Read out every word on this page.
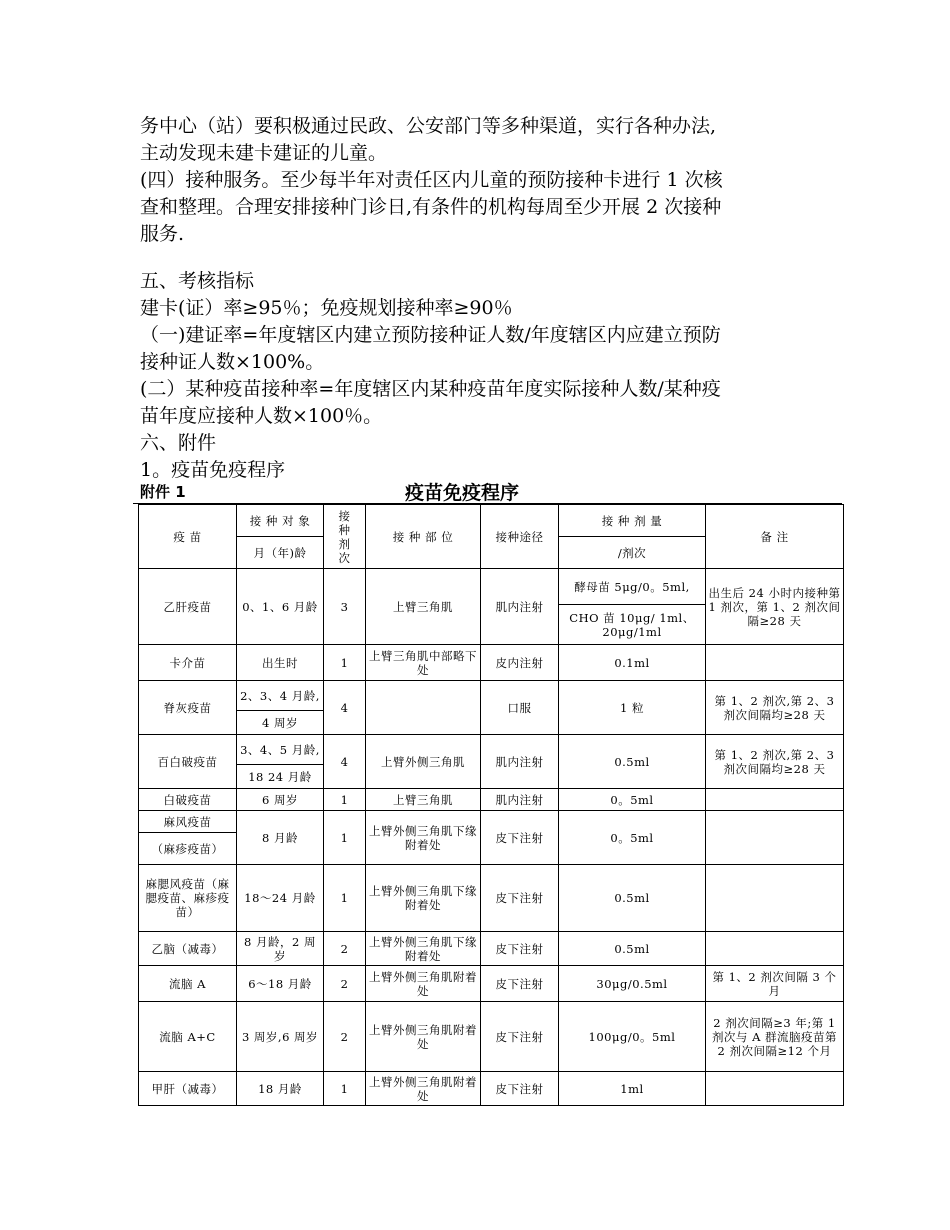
务中心（站）要积极通过民政、公安部门等多种渠道，实行各种办法,

主动发现未建卡建证的儿童。

(四）接种服务。至少每半年对责任区内儿童的预防接种卡进行 1 次核

查和整理。合理安排接种门诊日,有条件的机构每周至少开展 2 次接种

服务.

五、考核指标

建卡(证）率≥95％；免疫规划接种率≥90％

（一)建证率=年度辖区内建立预防接种证人数/年度辖区内应建立预防

接种证人数×100%。

(二）某种疫苗接种率=年度辖区内某种疫苗年度实际接种人数/某种疫

苗年度应接种人数×100％。

六、附件

1。疫苗免疫程序

附件 1	疫苗免疫程序
疫 苗	接 种 对 象	接种剂次	接 种 部 位	接种途径	接 种 剂 量	备 注
	月（年)龄				/剂次	
乙肝疫苗	0、1、6 月龄	3	上臂三角肌	肌内注射	酵母苗 5μg/0。5ml,	出生后 24 小时内接种第 1 剂次，第 1、2 剂次间隔≥28 天
					CHO 苗 10μg/ 1ml、20μg/1ml	
卡介苗	出生时	1	上臂三角肌中部略下处	皮内注射	0.1ml	
脊灰疫苗	2、3、4 月龄,	4		口服	1 粒	第 1、2 剂次,第 2、3 剂次间隔均≥28 天
	4 周岁					
百白破疫苗	3、4、5 月龄,	4	上臂外侧三角肌	肌内注射	0.5ml	第 1、2 剂次,第 2、3 剂次间隔均≥28 天
	18 24 月龄					
白破疫苗	6 周岁	1	上臂三角肌	肌内注射	0。5ml	
麻风疫苗	8 月龄	1	上臂外侧三角肌下缘附着处	皮下注射	0。5ml	
（麻疹疫苗）						
麻腮风疫苗（麻腮疫苗、麻疹疫苗）	18～24 月龄	1	上臂外侧三角肌下缘附着处	皮下注射	0.5ml	
乙脑（减毒）	8 月龄，2 周岁	2	上臂外侧三角肌下缘附着处	皮下注射	0.5ml	
流脑 A	6～18 月龄	2	上臂外侧三角肌附着处	皮下注射	30μg/0.5ml	第 1、2 剂次间隔 3 个月
流脑 A+C	3 周岁,6 周岁	2	上臂外侧三角肌附着处	皮下注射	100μg/0。5ml	2 剂次间隔≥3 年;第 1 剂次与 A 群流脑疫苗第 2 剂次间隔≥12 个月
甲肝（减毒）	18 月龄	1	上臂外侧三角肌附着处	皮下注射	1ml	
